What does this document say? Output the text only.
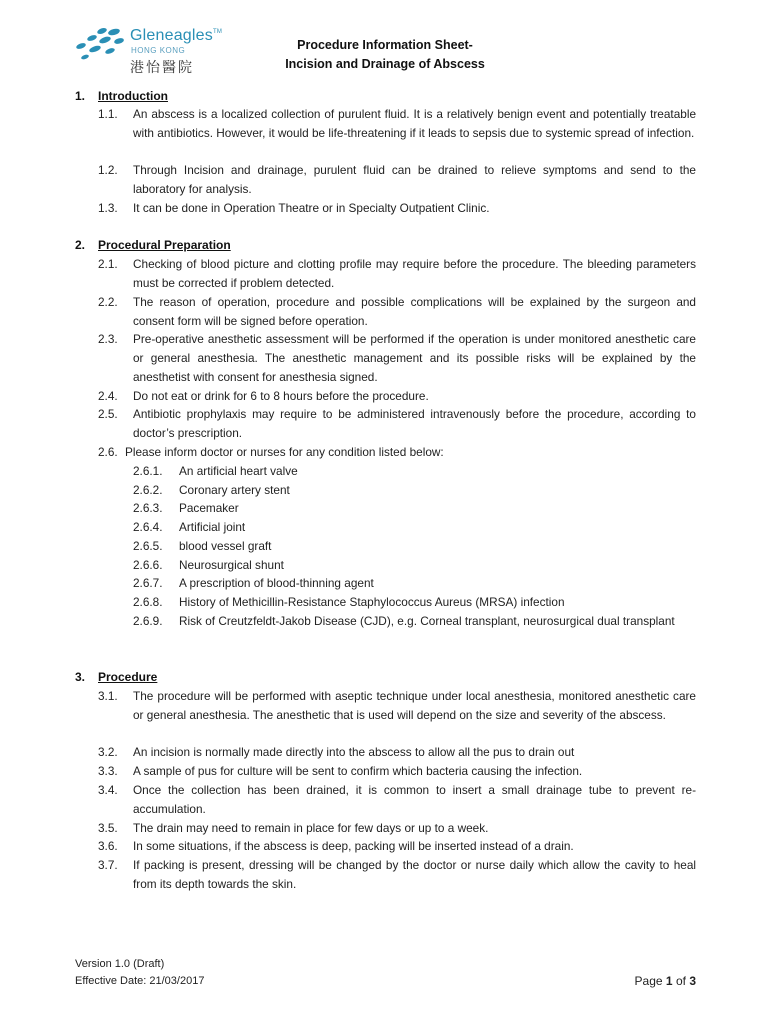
Gleneagles™
HONG KONG
港怡醫院
Procedure Information Sheet-
Incision and Drainage of Abscess
1. Introduction
1.1. An abscess is a localized collection of purulent fluid. It is a relatively benign event and potentially treatable with antibiotics. However, it would be life-threatening if it leads to sepsis due to systemic spread of infection.
1.2. Through Incision and drainage, purulent fluid can be drained to relieve symptoms and send to the laboratory for analysis.
1.3. It can be done in Operation Theatre or in Specialty Outpatient Clinic.
2. Procedural Preparation
2.1. Checking of blood picture and clotting profile may require before the procedure. The bleeding parameters must be corrected if problem detected.
2.2. The reason of operation, procedure and possible complications will be explained by the surgeon and consent form will be signed before operation.
2.3. Pre-operative anesthetic assessment will be performed if the operation is under monitored anesthetic care or general anesthesia. The anesthetic management and its possible risks will be explained by the anesthetist with consent for anesthesia signed.
2.4. Do not eat or drink for 6 to 8 hours before the procedure.
2.5. Antibiotic prophylaxis may require to be administered intravenously before the procedure, according to doctor’s prescription.
2.6. Please inform doctor or nurses for any condition listed below:
2.6.1. An artificial heart valve
2.6.2. Coronary artery stent
2.6.3. Pacemaker
2.6.4. Artificial joint
2.6.5. blood vessel graft
2.6.6. Neurosurgical shunt
2.6.7. A prescription of blood-thinning agent
2.6.8. History of Methicillin-Resistance Staphylococcus Aureus (MRSA) infection
2.6.9. Risk of Creutzfeldt-Jakob Disease (CJD), e.g. Corneal transplant, neurosurgical dual transplant
3. Procedure
3.1. The procedure will be performed with aseptic technique under local anesthesia, monitored anesthetic care or general anesthesia. The anesthetic that is used will depend on the size and severity of the abscess.
3.2. An incision is normally made directly into the abscess to allow all the pus to drain out
3.3. A sample of pus for culture will be sent to confirm which bacteria causing the infection.
3.4. Once the collection has been drained, it is common to insert a small drainage tube to prevent re-accumulation.
3.5. The drain may need to remain in place for few days or up to a week.
3.6. In some situations, if the abscess is deep, packing will be inserted instead of a drain.
3.7. If packing is present, dressing will be changed by the doctor or nurse daily which allow the cavity to heal from its depth towards the skin.
Version 1.0 (Draft)
Effective Date: 21/03/2017	Page 1 of 3
